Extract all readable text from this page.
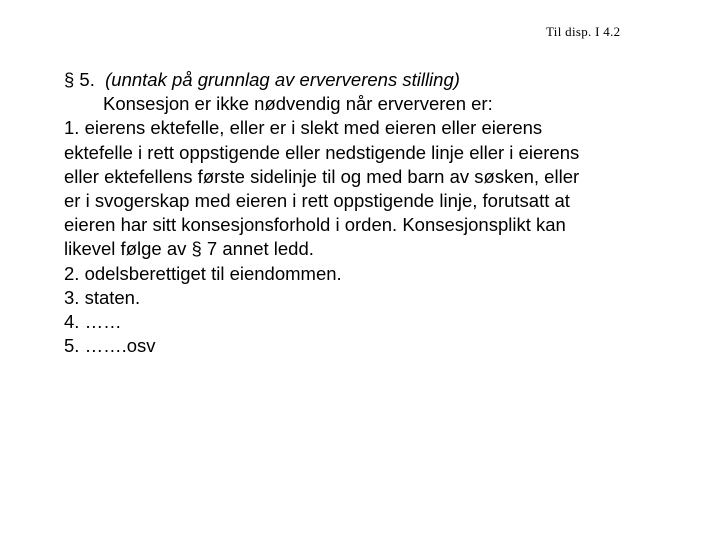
Til disp. I 4.2
§ 5. (unntak på grunnlag av erververens stilling)
Konsesjon er ikke nødvendig når erververen er:
1. eierens ektefelle, eller er i slekt med eieren eller eierens
ektefelle i rett oppstigende eller nedstigende linje eller i eierens
eller ektefellens første sidelinje til og med barn av søsken, eller
er i svogerskap med eieren i rett oppstigende linje, forutsatt at
eieren har sitt konsesjonsforhold i orden. Konsesjonsplikt kan
likevel følge av § 7 annet ledd.
2. odelsberettiget til eiendommen.
3. staten.
4. ……
5. …….osv
